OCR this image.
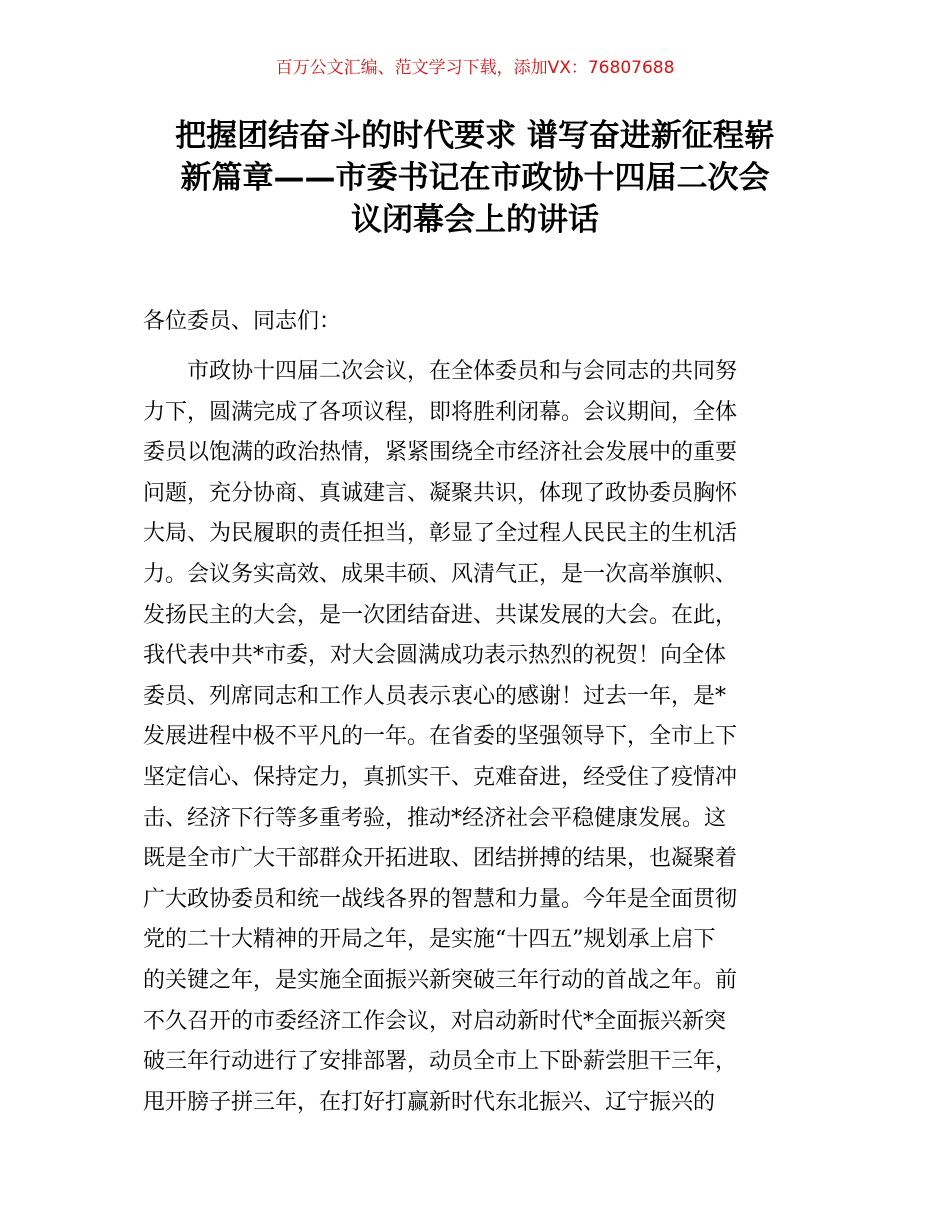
百万公文汇编、范文学习下载，添加VX：76807688
把握团结奋斗的时代要求 谱写奋进新征程崭
新篇章——市委书记在市政协十四届二次会
议闭幕会上的讲话
各位委员、同志们：
　　市政协十四届二次会议，在全体委员和与会同志的共同努
力下，圆满完成了各项议程，即将胜利闭幕。会议期间，全体
委员以饱满的政治热情，紧紧围绕全市经济社会发展中的重要
问题，充分协商、真诚建言、凝聚共识，体现了政协委员胸怀
大局、为民履职的责任担当，彰显了全过程人民民主的生机活
力。会议务实高效、成果丰硕、风清气正，是一次高举旗帜、
发扬民主的大会，是一次团结奋进、共谋发展的大会。在此，
我代表中共*市委，对大会圆满成功表示热烈的祝贺！向全体
委员、列席同志和工作人员表示衷心的感谢！过去一年，是*
发展进程中极不平凡的一年。在省委的坚强领导下，全市上下
坚定信心、保持定力，真抓实干、克难奋进，经受住了疫情冲
击、经济下行等多重考验，推动*经济社会平稳健康发展。这
既是全市广大干部群众开拓进取、团结拼搏的结果，也凝聚着
广大政协委员和统一战线各界的智慧和力量。今年是全面贯彻
党的二十大精神的开局之年，是实施“十四五”规划承上启下
的关键之年，是实施全面振兴新突破三年行动的首战之年。前
不久召开的市委经济工作会议，对启动新时代*全面振兴新突
破三年行动进行了安排部署，动员全市上下卧薪尝胆干三年，
甩开膀子拼三年，在打好打赢新时代东北振兴、辽宁振兴的
